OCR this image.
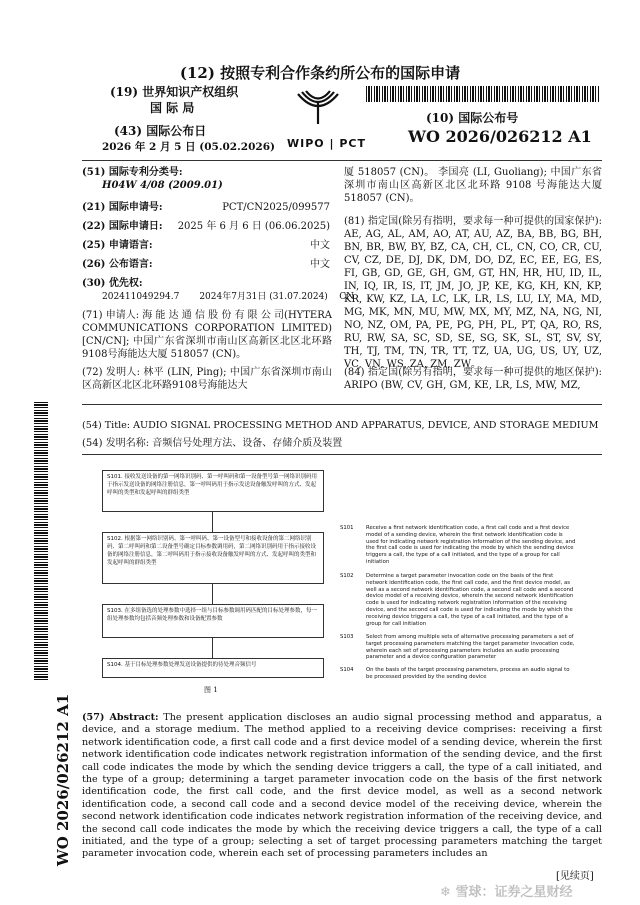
(12) 按照专利合作条约所公布的国际申请
(19) 世界知识产权组织
国 际 局
(43) 国际公布日
2026 年 2 月 5 日 (05.02.2026) WIPO | PCT
(10) 国际公布号
WO 2026/026212 A1
(51) 国际专利分类号:
H04W 4/08 (2009.01)
(21) 国际申请号:	PCT/CN2025/099577
(22) 国际申请日:	2025 年 6 月 6 日 (06.06.2025)
(25) 申请语言:	中文
(26) 公布语言:	中文
(30) 优先权:
202411049294.7       2024年7月31日 (31.07.2024)    CN
(71) 申请人: 海 能 达 通 信 股 份 有 限 公 司(HYTERA COMMUNICATIONS CORPORATION LIMITED) [CN/CN]; 中国广东省深圳市南山区高新区北区北环路9108号海能达大厦 518057 (CN)。
(72) 发明人: 林平 (LIN, Ping); 中国广东省深圳市南山区高新区北区北环路9108号海能达大
厦 518057 (CN)。 李国亮 (LI, Guoliang); 中国广东省深圳市南山区高新区北区北环路 9108 号海能达大厦 518057 (CN)。
(81) 指定国(除另有指明，要求每一种可提供的国家保护): AE, AG, AL, AM, AO, AT, AU, AZ, BA, BB, BG, BH, BN, BR, BW, BY, BZ, CA, CH, CL, CN, CO, CR, CU, CV, CZ, DE, DJ, DK, DM, DO, DZ, EC, EE, EG, ES, FI, GB, GD, GE, GH, GM, GT, HN, HR, HU, ID, IL, IN, IQ, IR, IS, IT, JM, JO, JP, KE, KG, KH, KN, KP, KR, KW, KZ, LA, LC, LK, LR, LS, LU, LY, MA, MD, MG, MK, MN, MU, MW, MX, MY, MZ, NA, NG, NI, NO, NZ, OM, PA, PE, PG, PH, PL, PT, QA, RO, RS, RU, RW, SA, SC, SD, SE, SG, SK, SL, ST, SV, SY, TH, TJ, TM, TN, TR, TT, TZ, UA, UG, US, UY, UZ, VC, VN, WS, ZA, ZM, ZW。
(84) 指定国(除另有指明，要求每一种可提供的地区保护): ARIPO (BW, CV, GH, GM, KE, LR, LS, MW, MZ,
(54) Title: AUDIO SIGNAL PROCESSING METHOD AND APPARATUS, DEVICE, AND STORAGE MEDIUM
(54) 发明名称: 音频信号处理方法、设备、存储介质及装置
S101. 接收发送设备的第一网络识别码、第一呼叫码和第一设备型号第一网络识别码用于指示发送设备的网络注册信息，第一呼叫码用于指示发送设备触发呼叫的方式、发起呼叫的类型和发起呼叫的群组类型
S102. 根据第一网络识别码、第一呼叫码、第一设备型号和接收设备的第二网络识别码、第二呼叫码和第二设备型号确定目标参数调用码，第二网络识别码用于指示接收设备的网络注册信息，第二呼叫码用于指示接收设备触发呼叫的方式、发起呼叫的类型和发起呼叫的群组类型
S103. 在多组备选的处理参数中选择一组与目标参数调用码匹配的目标处理参数，每一组处理参数均包括音频处理参数和设备配置参数
S104. 基于目标处理参数处理发送设备提供的待处理音频信号
图 1
S101	Receive a first network identification code, a first call code and a first device model of a sending device, wherein the first network identification code is used for indicating network registration information of the sending device, and the first call code is used for indicating the mode by which the sending device triggers a call, the type of a call initiated, and the type of a group for call initiation
S102	Determine a target parameter invocation code on the basis of the first network identification code, the first call code, and the first device model, as well as a second network identification code, a second call code and a second device model of a receiving device, wherein the second network identification code is used for indicating network registration information of the receiving device, and the second call code is used for indicating the mode by which the receiving device triggers a call, the type of a call initiated, and the type of a group for call initiation
S103	Select from among multiple sets of alternative processing parameters a set of target processing parameters matching the target parameter invocation code, wherein each set of processing parameters includes an audio processing parameter and a device configuration parameter
S104	On the basis of the target processing parameters, process an audio signal to be processed provided by the sending device
(57) Abstract: The present application discloses an audio signal processing method and apparatus, a device, and a storage medium. The method applied to a receiving device comprises: receiving a first network identification code, a first call code and a first device model of a sending device, wherein the first network identification code indicates network registration information of the sending device, and the first call code indicates the mode by which the sending device triggers a call, the type of a call initiated, and the type of a group; determining a target parameter invocation code on the basis of the first network identification code, the first call code, and the first device model, as well as a second network identification code, a second call code and a second device model of the receiving device, wherein the second network identification code indicates network registration information of the receiving device, and the second call code indicates the mode by which the receiving device triggers a call, the type of a call initiated, and the type of a group; selecting a set of target processing parameters matching the target parameter invocation code, wherein each set of processing parameters includes an
WO 2026/026212 A1
[见续页]
❄ 雪球：证券之星财经
